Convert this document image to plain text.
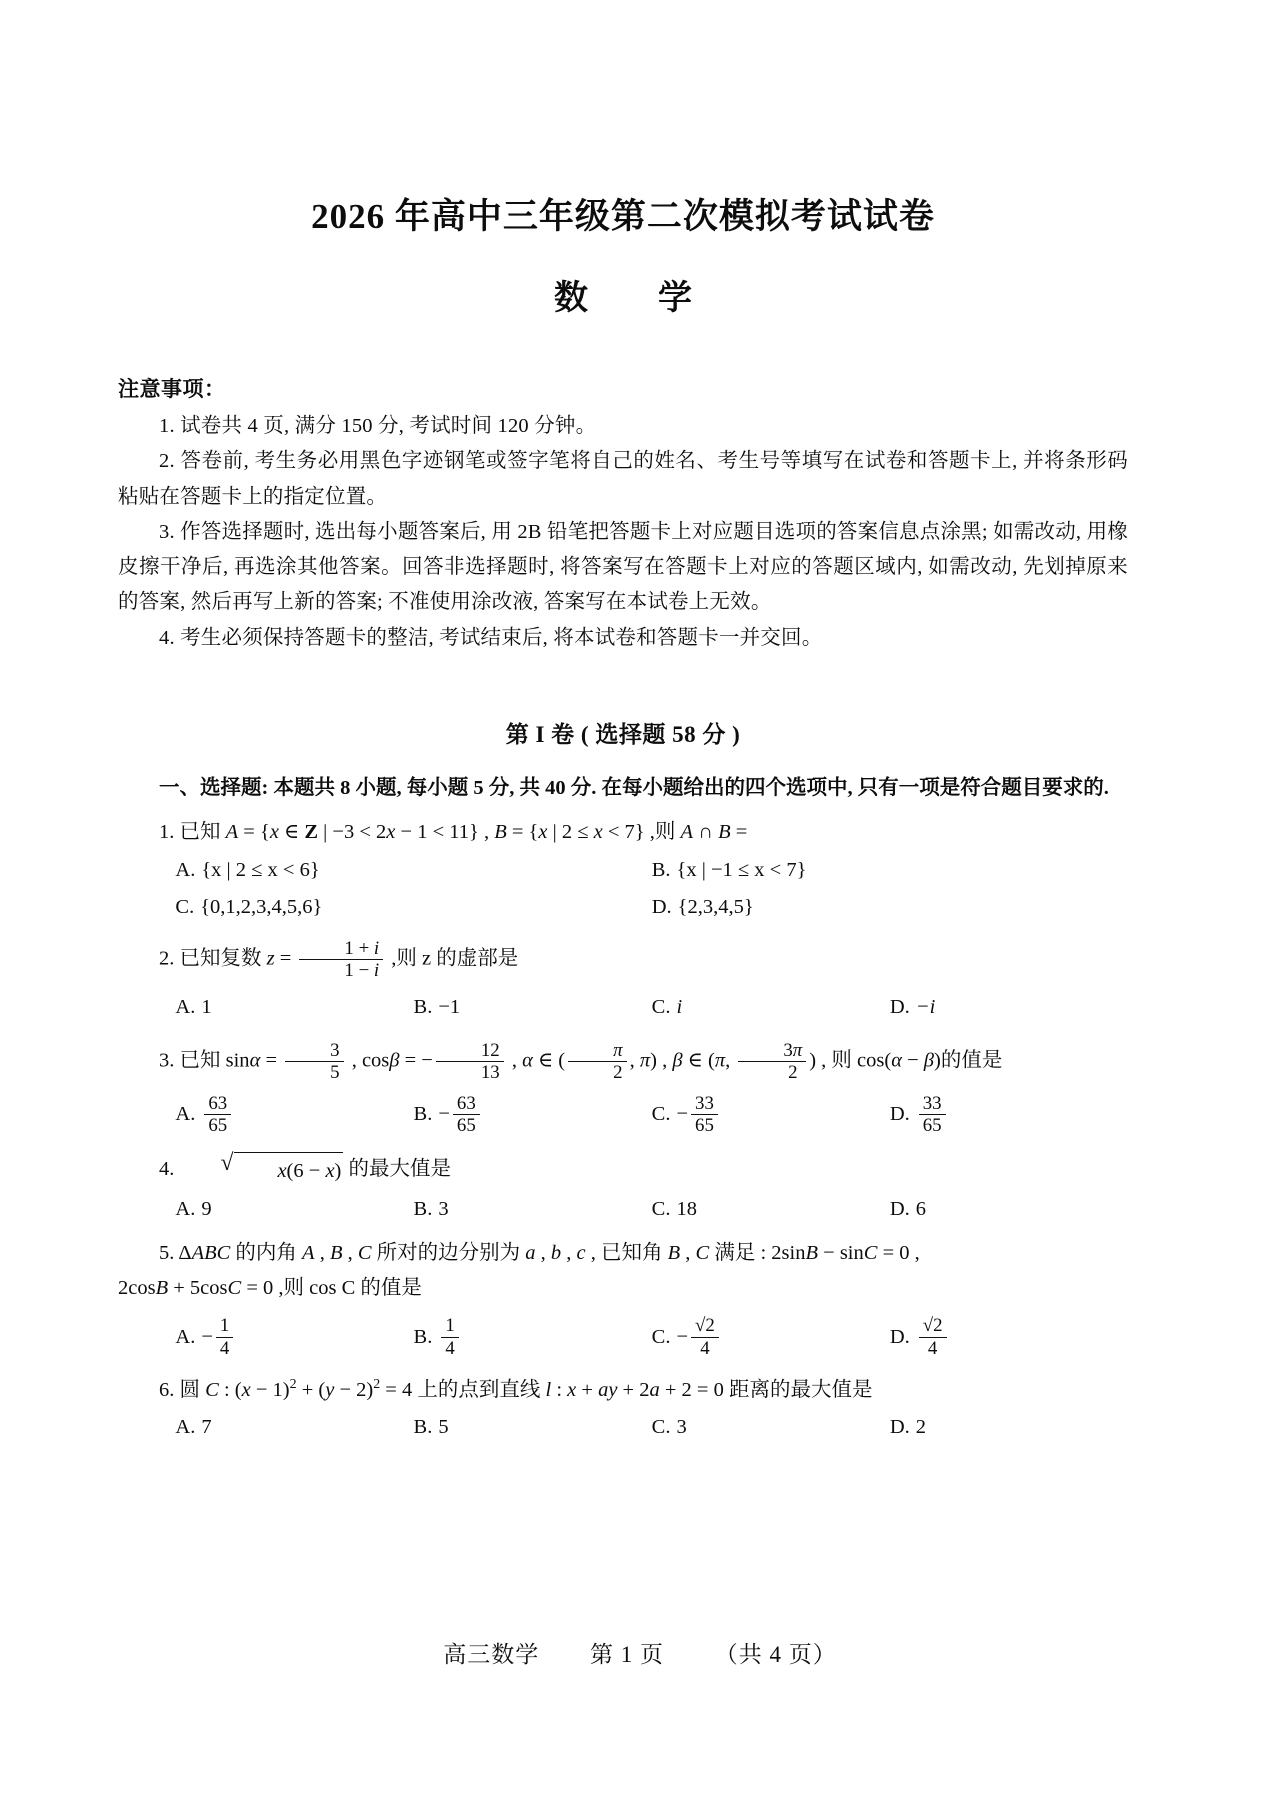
2026 年高中三年级第二次模拟考试试卷
数　学
注意事项：

1. 试卷共 4 页, 满分 150 分, 考试时间 120 分钟。

2. 答卷前, 考生务必用黑色字迹钢笔或签字笔将自己的姓名、考生号等填写在试卷和答题卡上, 并将条形码粘贴在答题卡上的指定位置。

3. 作答选择题时, 选出每小题答案后, 用 2B 铅笔把答题卡上对应题目选项的答案信息点涂黑; 如需改动, 用橡皮擦干净后, 再选涂其他答案。回答非选择题时, 将答案写在答题卡上对应的答题区域内, 如需改动, 先划掉原来的答案, 然后再写上新的答案; 不准使用涂改液, 答案写在本试卷上无效。

4. 考生必须保持答题卡的整洁, 考试结束后, 将本试卷和答题卡一并交回。

第 I 卷 ( 选择题 58 分 )

一、选择题: 本题共 8 小题, 每小题 5 分, 共 40 分. 在每小题给出的四个选项中, 只有一项是符合题目要求的.

1. 已知 A = {x ∈ Z | −3 < 2x − 1 < 11} , B = {x | 2 ≤ x < 7} ,则 A ∩ B =

A. {x | 2 ≤ x < 6}	B. {x | −1 ≤ x < 7}
C. {0,1,2,3,4,5,6}	D. {2,3,4,5}

2. 已知复数 $z = \frac{1 + i}{1 - i}$ ,则 z 的虚部是

A. 1	B. −1	C. i	D. −i

3. 已知 $\sin\alpha = \frac{3}{5}$ , cosβ = − $\frac{12}{13}$ , α ∈ ( $\frac{\pi}{2}$ , π) , β ∈ (π, $\frac{3\pi}{2}$ ) , 则 cos(α − β)的值是

A. $\frac{63}{65}$	B. − $\frac{63}{65}$	C. − $\frac{33}{65}$	D. $\frac{33}{65}$

4.	√	x(6 − x) 的最大值是

A. 9	B. 3	C. 18	D. 6

5. ΔABC 的内角 A , B , C 所对的边分别为 a , b , c , 已知角 B , C 满足 : 2sinB − sinC = 0 ,

2cosB + 5cosC = 0 ,则 cos C 的值是

A. − $\frac{1}{4}$	B. $\frac{1}{4}$	C. − $\frac{√2}{4}$	D. $\frac{√2}{4}$

6. 圆 C : $(x - 1)^2 + (y - 2)^2 = 4$ 上的点到直线 l : x + ay + 2a + 2 = 0 距离的最大值是

A. 7	B. 5	C. 3	D. 2
高三数学 第 1 页 （共 4 页）
